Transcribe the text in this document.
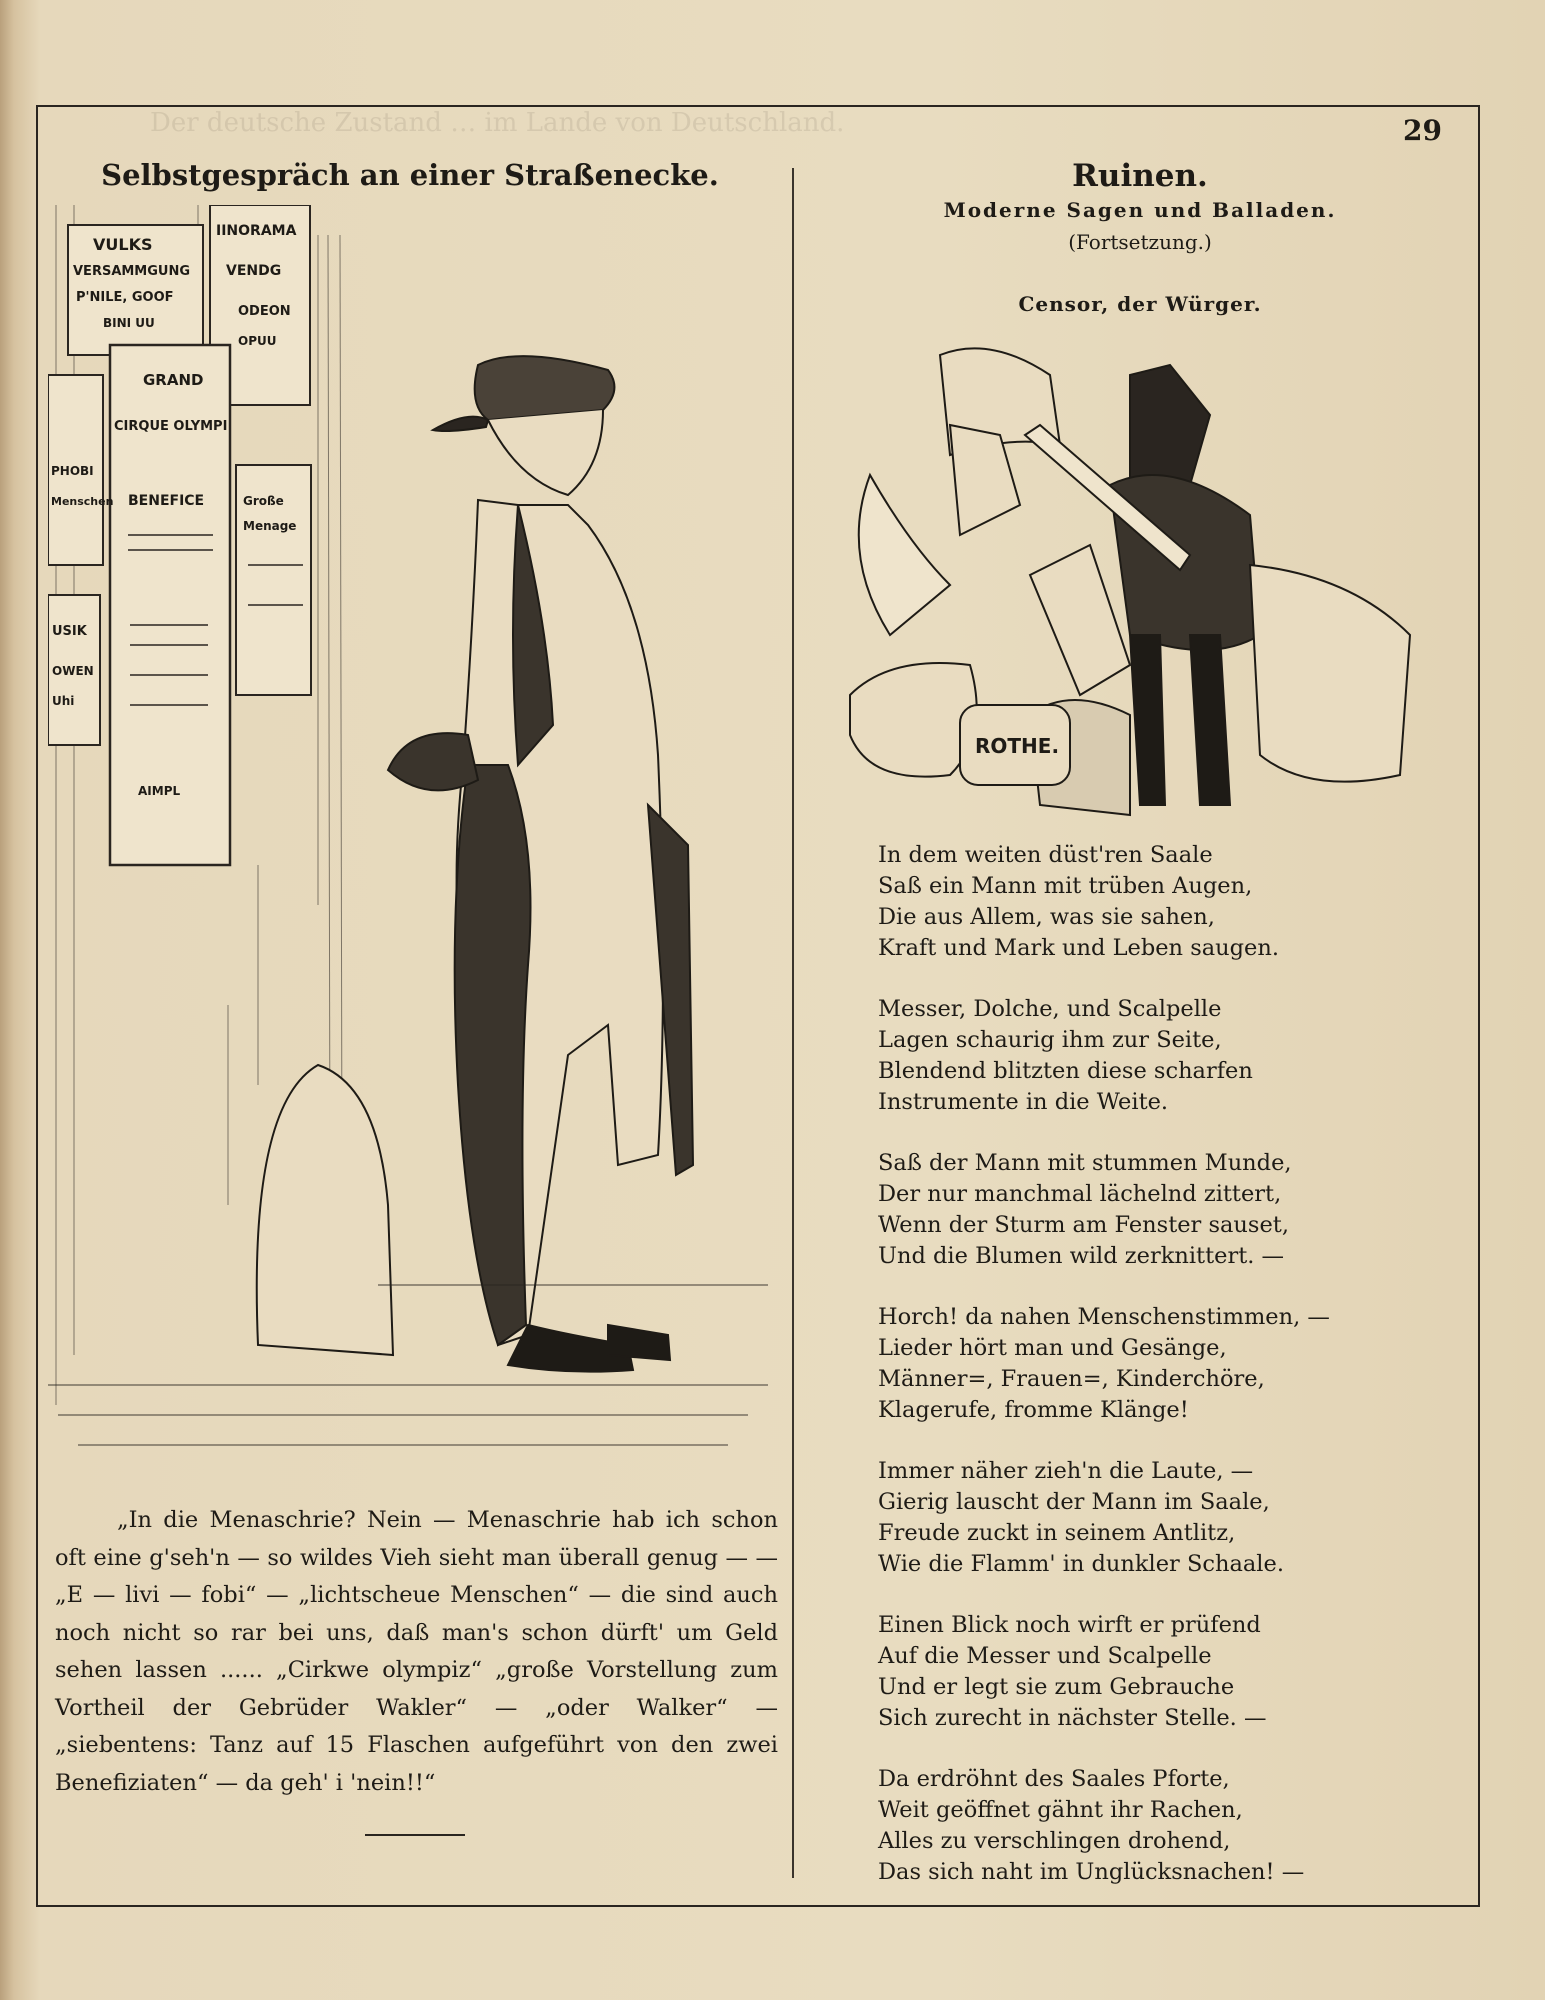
Der deutsche Zustand … im Lande von Deutschland.	29
Selbstgespräch an einer Straßenecke.
VULKS
VERSAMMGUNG
P'NILE, GOOF
BINI UU
IINORAMA
VENDG
ODEON
OPUU
GRAND
CIRQUE OLYMPI
BENEFICE
AIMPL
PHOBI
Menschen	Große
Menage
USIK
OWEN
Uhi
„In die Menaschrie? Nein — Menaschrie hab ich schon oft eine g'seh'n — so wildes Vieh sieht man überall genug — — „E — livi — fobi“ — „lichtscheue Menschen“ — die sind auch noch nicht so rar bei uns, daß man's schon dürft' um Geld sehen lassen ...... „Cirkwe olympiz“ „große Vorstellung zum Vortheil der Gebrüder Wakler“ — „oder Walker“ — „siebentens: Tanz auf 15 Flaschen aufgeführt von den zwei Benefiziaten“ — da geh' i 'nein!!“
Ruinen.
Moderne Sagen und Balladen.
(Fortsetzung.)
Censor, der Würger.
ROTHE.
In dem weiten düst'ren Saale
Saß ein Mann mit trüben Augen,
Die aus Allem, was sie sahen,
Kraft und Mark und Leben saugen.
Messer, Dolche, und Scalpelle
Lagen schaurig ihm zur Seite,
Blendend blitzten diese scharfen
Instrumente in die Weite.
Saß der Mann mit stummen Munde,
Der nur manchmal lächelnd zittert,
Wenn der Sturm am Fenster sauset,
Und die Blumen wild zerknittert. —
Horch! da nahen Menschenstimmen, —
Lieder hört man und Gesänge,
Männer=, Frauen=, Kinderchöre,
Klagerufe, fromme Klänge!
Immer näher zieh'n die Laute, —
Gierig lauscht der Mann im Saale,
Freude zuckt in seinem Antlitz,
Wie die Flamm' in dunkler Schaale.
Einen Blick noch wirft er prüfend
Auf die Messer und Scalpelle
Und er legt sie zum Gebrauche
Sich zurecht in nächster Stelle. —
Da erdröhnt des Saales Pforte,
Weit geöffnet gähnt ihr Rachen,
Alles zu verschlingen drohend,
Das sich naht im Unglücksnachen! —
